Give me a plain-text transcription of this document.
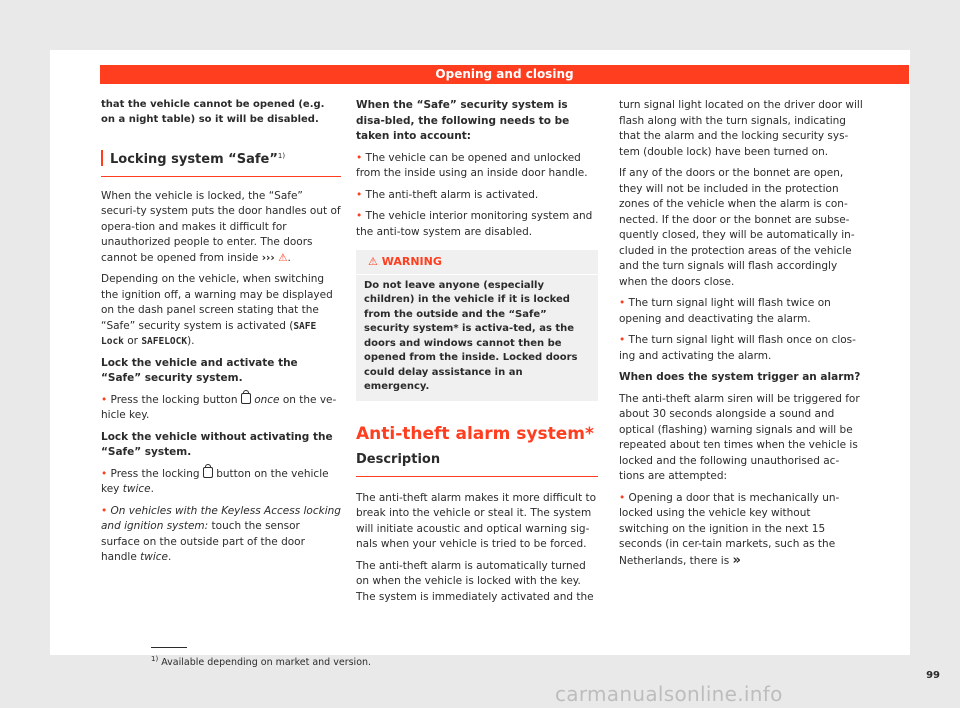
Opening and closing

that the vehicle cannot be opened (e.g. on a night table) so it will be disabled.

Locking system “Safe”$^{1)}$

When the vehicle is locked, the “Safe” securi-ty system puts the door handles out of opera-tion and makes it difficult for unauthorized people to enter. The doors cannot be opened from inside ››› ⚠.

Depending on the vehicle, when switching the ignition off, a warning may be displayed on the dash panel screen stating that the “Safe” security system is activated (SAFE Lock or SAFELOCK).

Lock the vehicle and activate the “Safe” security system.

• Press the locking button once on the ve-hicle key.

Lock the vehicle without activating the “Safe” system.

• Press the locking button on the vehicle key twice.

• On vehicles with the Keyless Access locking and ignition system: touch the sensor surface on the outside part of the door handle twice.

When the “Safe” security system is disa-bled, the following needs to be taken into account:

• The vehicle can be opened and unlocked from the inside using an inside door handle.

• The anti-theft alarm is activated.

• The vehicle interior monitoring system and the anti-tow system are disabled.

⚠ WARNING
Do not leave anyone (especially children) in the vehicle if it is locked from the outside and the “Safe” security system* is activa-ted, as the doors and windows cannot then be opened from the inside. Locked doors could delay assistance in an emergency.
Anti-theft alarm system*
Description

The anti-theft alarm makes it more difficult to break into the vehicle or steal it. The system will initiate acoustic and optical warning sig-nals when your vehicle is tried to be forced.

The anti-theft alarm is automatically turned on when the vehicle is locked with the key. The system is immediately activated and the

turn signal light located on the driver door will flash along with the turn signals, indicating that the alarm and the locking security sys-tem (double lock) have been turned on.

If any of the doors or the bonnet are open, they will not be included in the protection zones of the vehicle when the alarm is con-nected. If the door or the bonnet are subse-quently closed, they will be automatically in-cluded in the protection areas of the vehicle and the turn signals will flash accordingly when the doors close.

• The turn signal light will flash twice on opening and deactivating the alarm.

• The turn signal light will flash once on clos-ing and activating the alarm.

When does the system trigger an alarm?

The anti-theft alarm siren will be triggered for about 30 seconds alongside a sound and optical (flashing) warning signals and will be repeated about ten times when the vehicle is locked and the following unauthorised ac-tions are attempted:

• Opening a door that is mechanically un-locked using the vehicle key without switching on the ignition in the next 15 seconds (in cer-tain markets, such as the Netherlands, there is »

$^{1)}$ Available depending on market and version.
99
carmanualsonline.info
